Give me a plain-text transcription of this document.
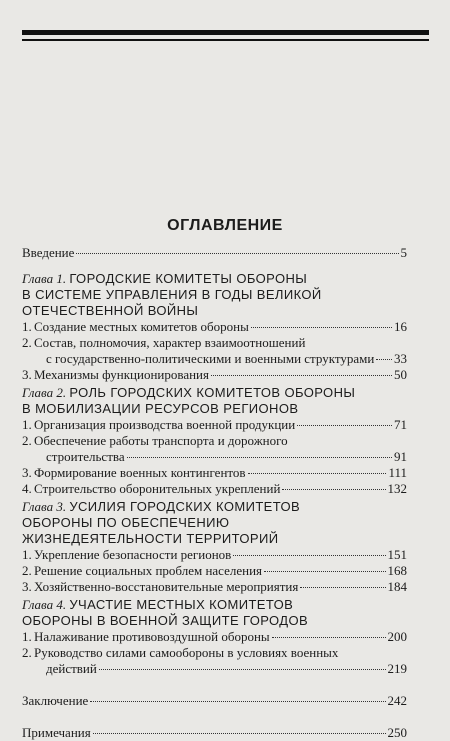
ОГЛАВЛЕНИЕ
Введение	5
Глава 1. ГОРОДСКИЕ КОМИТЕТЫ ОБОРОНЫ
В СИСТЕМЕ УПРАВЛЕНИЯ В ГОДЫ ВЕЛИКОЙ
ОТЕЧЕСТВЕННОЙ ВОЙНЫ
1. Создание местных комитетов обороны	16
2. Состав, полномочия, характер взаимоотношений
с государственно-политическими и военными структурами 33
3. Механизмы функционирования	50
Глава 2. РОЛЬ ГОРОДСКИХ КОМИТЕТОВ ОБОРОНЫ
В МОБИЛИЗАЦИИ РЕСУРСОВ РЕГИОНОВ
1. Организация производства военной продукции	71
2. Обеспечение работы транспорта и дорожного
строительства	91
3. Формирование военных контингентов	111
4. Строительство оборонительных укреплений	132
Глава 3. УСИЛИЯ ГОРОДСКИХ КОМИТЕТОВ
ОБОРОНЫ ПО ОБЕСПЕЧЕНИЮ
ЖИЗНЕДЕЯТЕЛЬНОСТИ ТЕРРИТОРИЙ
1. Укрепление безопасности регионов	151
2. Решение социальных проблем населения	168
3. Хозяйственно-восстановительные мероприятия	184
Глава 4. УЧАСТИЕ МЕСТНЫХ КОМИТЕТОВ
ОБОРОНЫ В ВОЕННОЙ ЗАЩИТЕ ГОРОДОВ
1. Налаживание противовоздушной обороны	200
2. Руководство силами самообороны в условиях военных
действий	219
Заключение	242
Примечания	250
